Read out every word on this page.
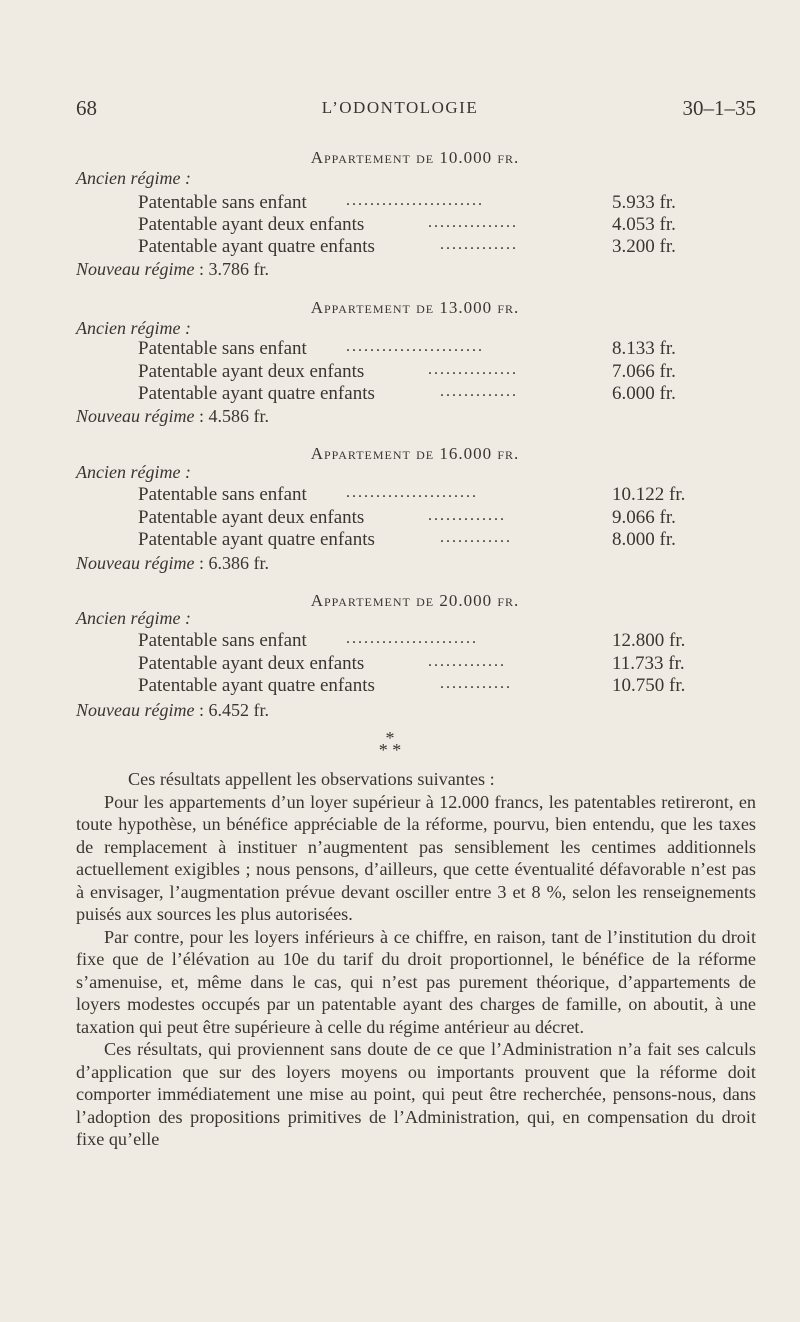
68	L’ODONTOLOGIE	30–1–35
Appartement de 10.000 fr.
Ancien régime :
Patentable sans enfant .......................	5.933 fr.
Patentable ayant deux enfants	...............	4.053 fr.
Patentable ayant quatre enfants	.............	3.200 fr.
Nouveau régime : 3.786 fr.
Appartement de 13.000 fr.
Ancien régime :
Patentable sans enfant .......................	8.133 fr.
Patentable ayant deux enfants	...............	7.066 fr.
Patentable ayant quatre enfants	.............	6.000 fr.
Nouveau régime : 4.586 fr.
Appartement de 16.000 fr.
Ancien régime :
Patentable sans enfant ......................	10.122 fr.
Patentable ayant deux enfants	.............	9.066 fr.
Patentable ayant quatre enfants	............	8.000 fr.
Nouveau régime : 6.386 fr.
Appartement de 20.000 fr.
Ancien régime :
Patentable sans enfant ......................	12.800 fr.
Patentable ayant deux enfants	.............	11.733 fr.
Patentable ayant quatre enfants	............	10.750 fr.
Nouveau régime : 6.452 fr.
*
* *

Ces résultats appellent les observations suivantes :

Pour les appartements d’un loyer supérieur à 12.000 francs, les patentables retireront, en toute hypothèse, un bénéfice appréciable de la réforme, pourvu, bien entendu, que les taxes de remplacement à instituer n’augmentent pas sensiblement les centimes additionnels actuellement exigibles ; nous pensons, d’ailleurs, que cette éventualité défavorable n’est pas à envisager, l’augmentation prévue devant osciller entre 3 et 8 %, selon les renseignements puisés aux sources les plus autorisées.

Par contre, pour les loyers inférieurs à ce chiffre, en raison, tant de l’institution du droit fixe que de l’élévation au 10e du tarif du droit proportionnel, le bénéfice de la réforme s’amenuise, et, même dans le cas, qui n’est pas purement théorique, d’appartements de loyers modestes occupés par un patentable ayant des charges de famille, on aboutit, à une taxation qui peut être supérieure à celle du régime antérieur au décret.

Ces résultats, qui proviennent sans doute de ce que l’Administration n’a fait ses calculs d’application que sur des loyers moyens ou importants prouvent que la réforme doit comporter immédiatement une mise au point, qui peut être recherchée, pensons-nous, dans l’adoption des propositions primitives de l’Administration, qui, en compensation du droit fixe qu’elle
